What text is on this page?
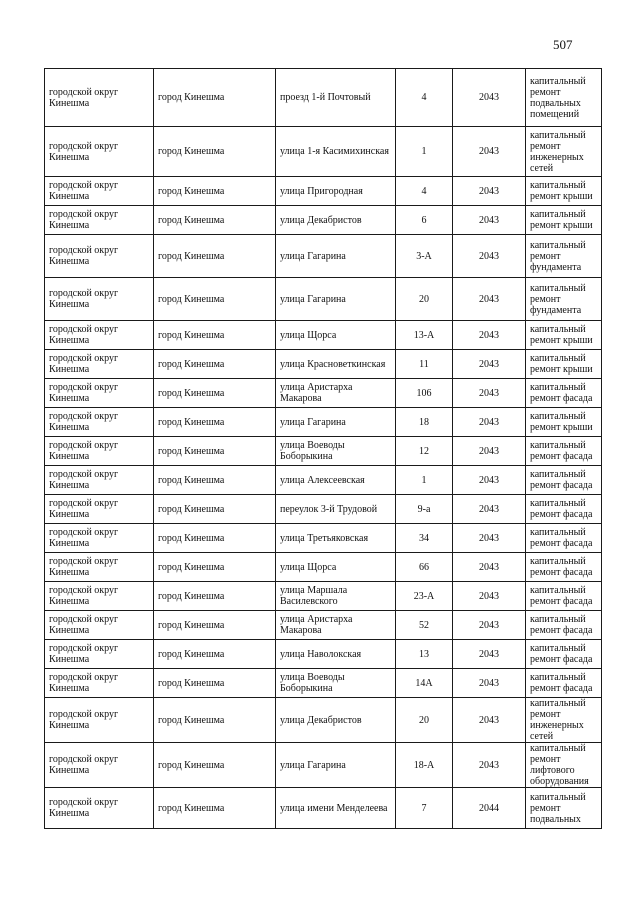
507
городской округ Кинешма	город Кинешма	проезд 1-й Почтовый	4	2043	капитальный ремонт подвальных помещений
городской округ Кинешма	город Кинешма	улица 1-я Касимихинская	1	2043	капитальный ремонт инженерных сетей
городской округ Кинешма	город Кинешма	улица Пригородная	4	2043	капитальный ремонт крыши
городской округ Кинешма	город Кинешма	улица Декабристов	6	2043	капитальный ремонт крыши
городской округ Кинешма	город Кинешма	улица Гагарина	3-А	2043	капитальный ремонт фундамента
городской округ Кинешма	город Кинешма	улица Гагарина	20	2043	капитальный ремонт фундамента
городской округ Кинешма	город Кинешма	улица Щорса	13-А	2043	капитальный ремонт крыши
городской округ Кинешма	город Кинешма	улица Красноветкинская	11	2043	капитальный ремонт крыши
городской округ Кинешма	город Кинешма	улица Аристарха Макарова	106	2043	капитальный ремонт фасада
городской округ Кинешма	город Кинешма	улица Гагарина	18	2043	капитальный ремонт крыши
городской округ Кинешма	город Кинешма	улица Воеводы Боборыкина	12	2043	капитальный ремонт фасада
городской округ Кинешма	город Кинешма	улица Алексеевская	1	2043	капитальный ремонт фасада
городской округ Кинешма	город Кинешма	переулок 3-й Трудовой	9-а	2043	капитальный ремонт фасада
городской округ Кинешма	город Кинешма	улица Третьяковская	34	2043	капитальный ремонт фасада
городской округ Кинешма	город Кинешма	улица Щорса	66	2043	капитальный ремонт фасада
городской округ Кинешма	город Кинешма	улица Маршала Василевского	23-А	2043	капитальный ремонт фасада
городской округ Кинешма	город Кинешма	улица Аристарха Макарова	52	2043	капитальный ремонт фасада
городской округ Кинешма	город Кинешма	улица Наволокская	13	2043	капитальный ремонт фасада
городской округ Кинешма	город Кинешма	улица Воеводы Боборыкина	14А	2043	капитальный ремонт фасада
городской округ Кинешма	город Кинешма	улица Декабристов	20	2043	капитальный ремонт инженерных сетей
городской округ Кинешма	город Кинешма	улица Гагарина	18-А	2043	капитальный ремонт лифтового оборудования
городской округ Кинешма	город Кинешма	улица имени Менделеева	7	2044	капитальный ремонт подвальных
